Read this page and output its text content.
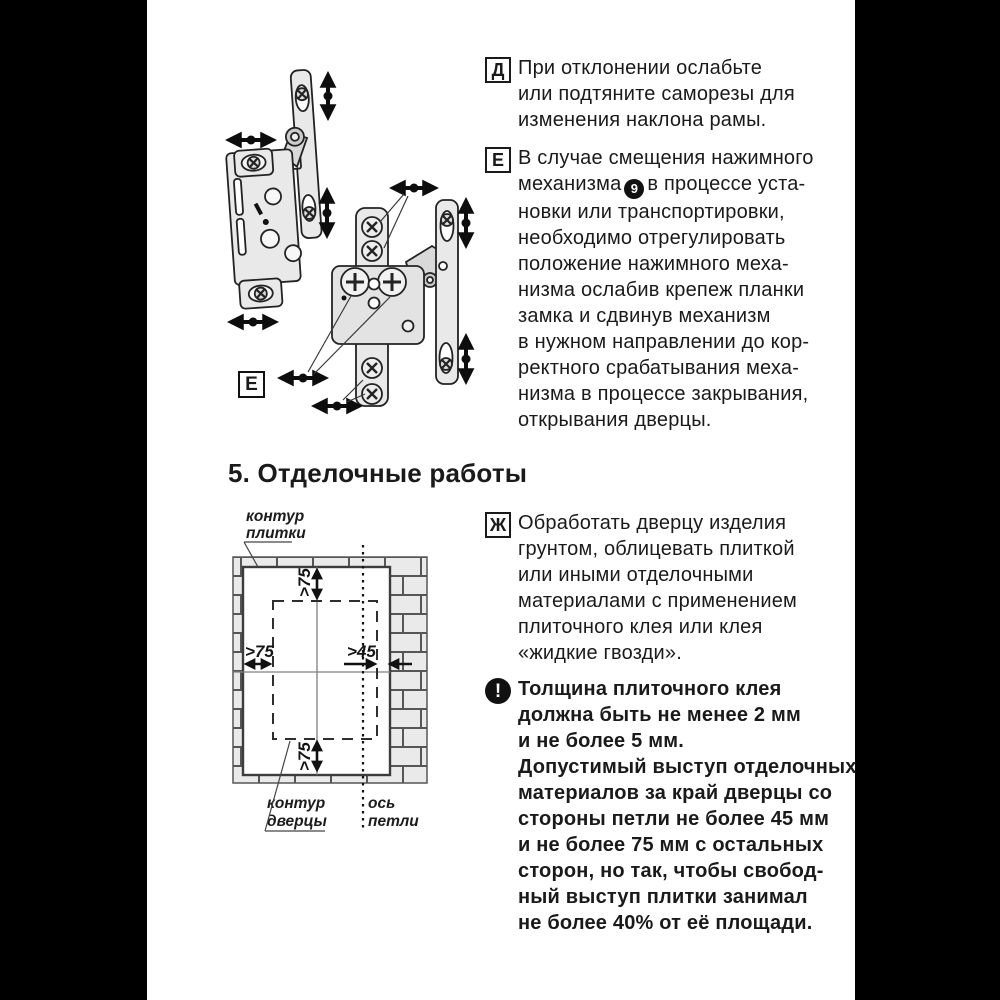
Е
Д При отклонении ослабьте
или подтяните саморезы для
изменения наклона рамы.
Е В случае смещения нажимного
механизма 9 в процессе уста-
новки или транспортировки,
необходимо отрегулировать
положение нажимного меха-
низма ослабив крепеж планки
замка и сдвинув механизм
в нужном направлении до кор-
ректного срабатывания меха-
низма в процессе закрывания,
открывания дверцы.
5. Отделочные работы
>75
>75
>75	>45
контур
плитки
контур
дверцы
ось
петли
Ж Обработать дверцу изделия
грунтом, облицевать плиткой
или иными отделочными
материалами с применением
плиточного клея или клея
«жидкие гвозди».
! Толщина плиточного клея
должна быть не менее 2 мм
и не более 5 мм.
Допустимый выступ отделочных
материалов за край дверцы со
стороны петли не более 45 мм
и не более 75 мм с остальных
сторон, но так, чтобы свобод-
ный выступ плитки занимал
не более 40% от её площади.
